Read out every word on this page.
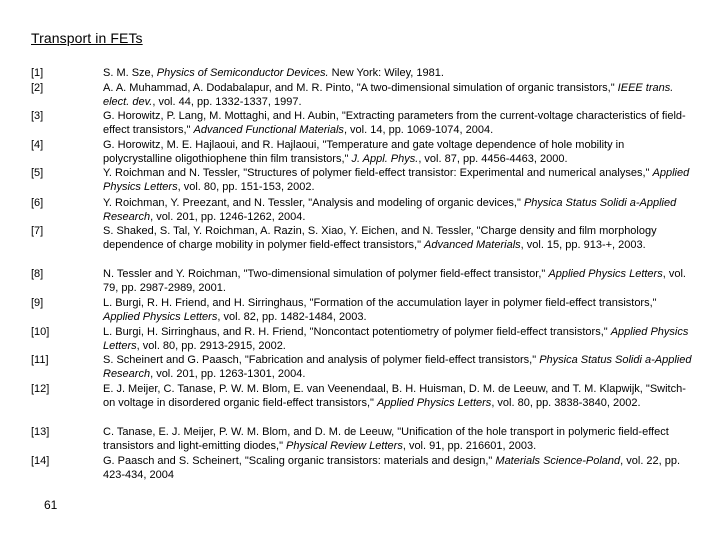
Transport in FETs
[1]	S. M. Sze, Physics of Semiconductor Devices. New York: Wiley, 1981.
[2]	A. A. Muhammad, A. Dodabalapur, and M. R. Pinto, "A two-dimensional simulation of organic transistors," IEEE trans. elect. dev., vol. 44, pp. 1332-1337, 1997.
[3]	G. Horowitz, P. Lang, M. Mottaghi, and H. Aubin, "Extracting parameters from the current-voltage characteristics of field-effect transistors," Advanced Functional Materials, vol. 14, pp. 1069-1074, 2004.
[4]	G. Horowitz, M. E. Hajlaoui, and R. Hajlaoui, "Temperature and gate voltage dependence of hole mobility in polycrystalline oligothiophene thin film transistors," J. Appl. Phys., vol. 87, pp. 4456-4463, 2000.
[5]	Y. Roichman and N. Tessler, "Structures of polymer field-effect transistor: Experimental and numerical analyses," Applied Physics Letters, vol. 80, pp. 151-153, 2002.
[6]	Y. Roichman, Y. Preezant, and N. Tessler, "Analysis and modeling of organic devices," Physica Status Solidi a-Applied Research, vol. 201, pp. 1246-1262, 2004.
[7]	S. Shaked, S. Tal, Y. Roichman, A. Razin, S. Xiao, Y. Eichen, and N. Tessler, "Charge density and film morphology dependence of charge mobility in polymer field-effect transistors," Advanced Materials, vol. 15, pp. 913-+, 2003.
[8]	N. Tessler and Y. Roichman, "Two-dimensional simulation of polymer field-effect transistor," Applied Physics Letters, vol. 79, pp. 2987-2989, 2001.
[9]	L. Burgi, R. H. Friend, and H. Sirringhaus, "Formation of the accumulation layer in polymer field-effect transistors," Applied Physics Letters, vol. 82, pp. 1482-1484, 2003.
[10]	L. Burgi, H. Sirringhaus, and R. H. Friend, "Noncontact potentiometry of polymer field-effect transistors," Applied Physics Letters, vol. 80, pp. 2913-2915, 2002.
[11]	S. Scheinert and G. Paasch, "Fabrication and analysis of polymer field-effect transistors," Physica Status Solidi a-Applied Research, vol. 201, pp. 1263-1301, 2004.
[12]	E. J. Meijer, C. Tanase, P. W. M. Blom, E. van Veenendaal, B. H. Huisman, D. M. de Leeuw, and T. M. Klapwijk, "Switch-on voltage in disordered organic field-effect transistors," Applied Physics Letters, vol. 80, pp. 3838-3840, 2002.
[13]	C. Tanase, E. J. Meijer, P. W. M. Blom, and D. M. de Leeuw, "Unification of the hole transport in polymeric field-effect transistors and light-emitting diodes," Physical Review Letters, vol. 91, pp. 216601, 2003.
[14]	G. Paasch and S. Scheinert, "Scaling organic transistors: materials and design," Materials Science-Poland, vol. 22, pp. 423-434, 2004
61
